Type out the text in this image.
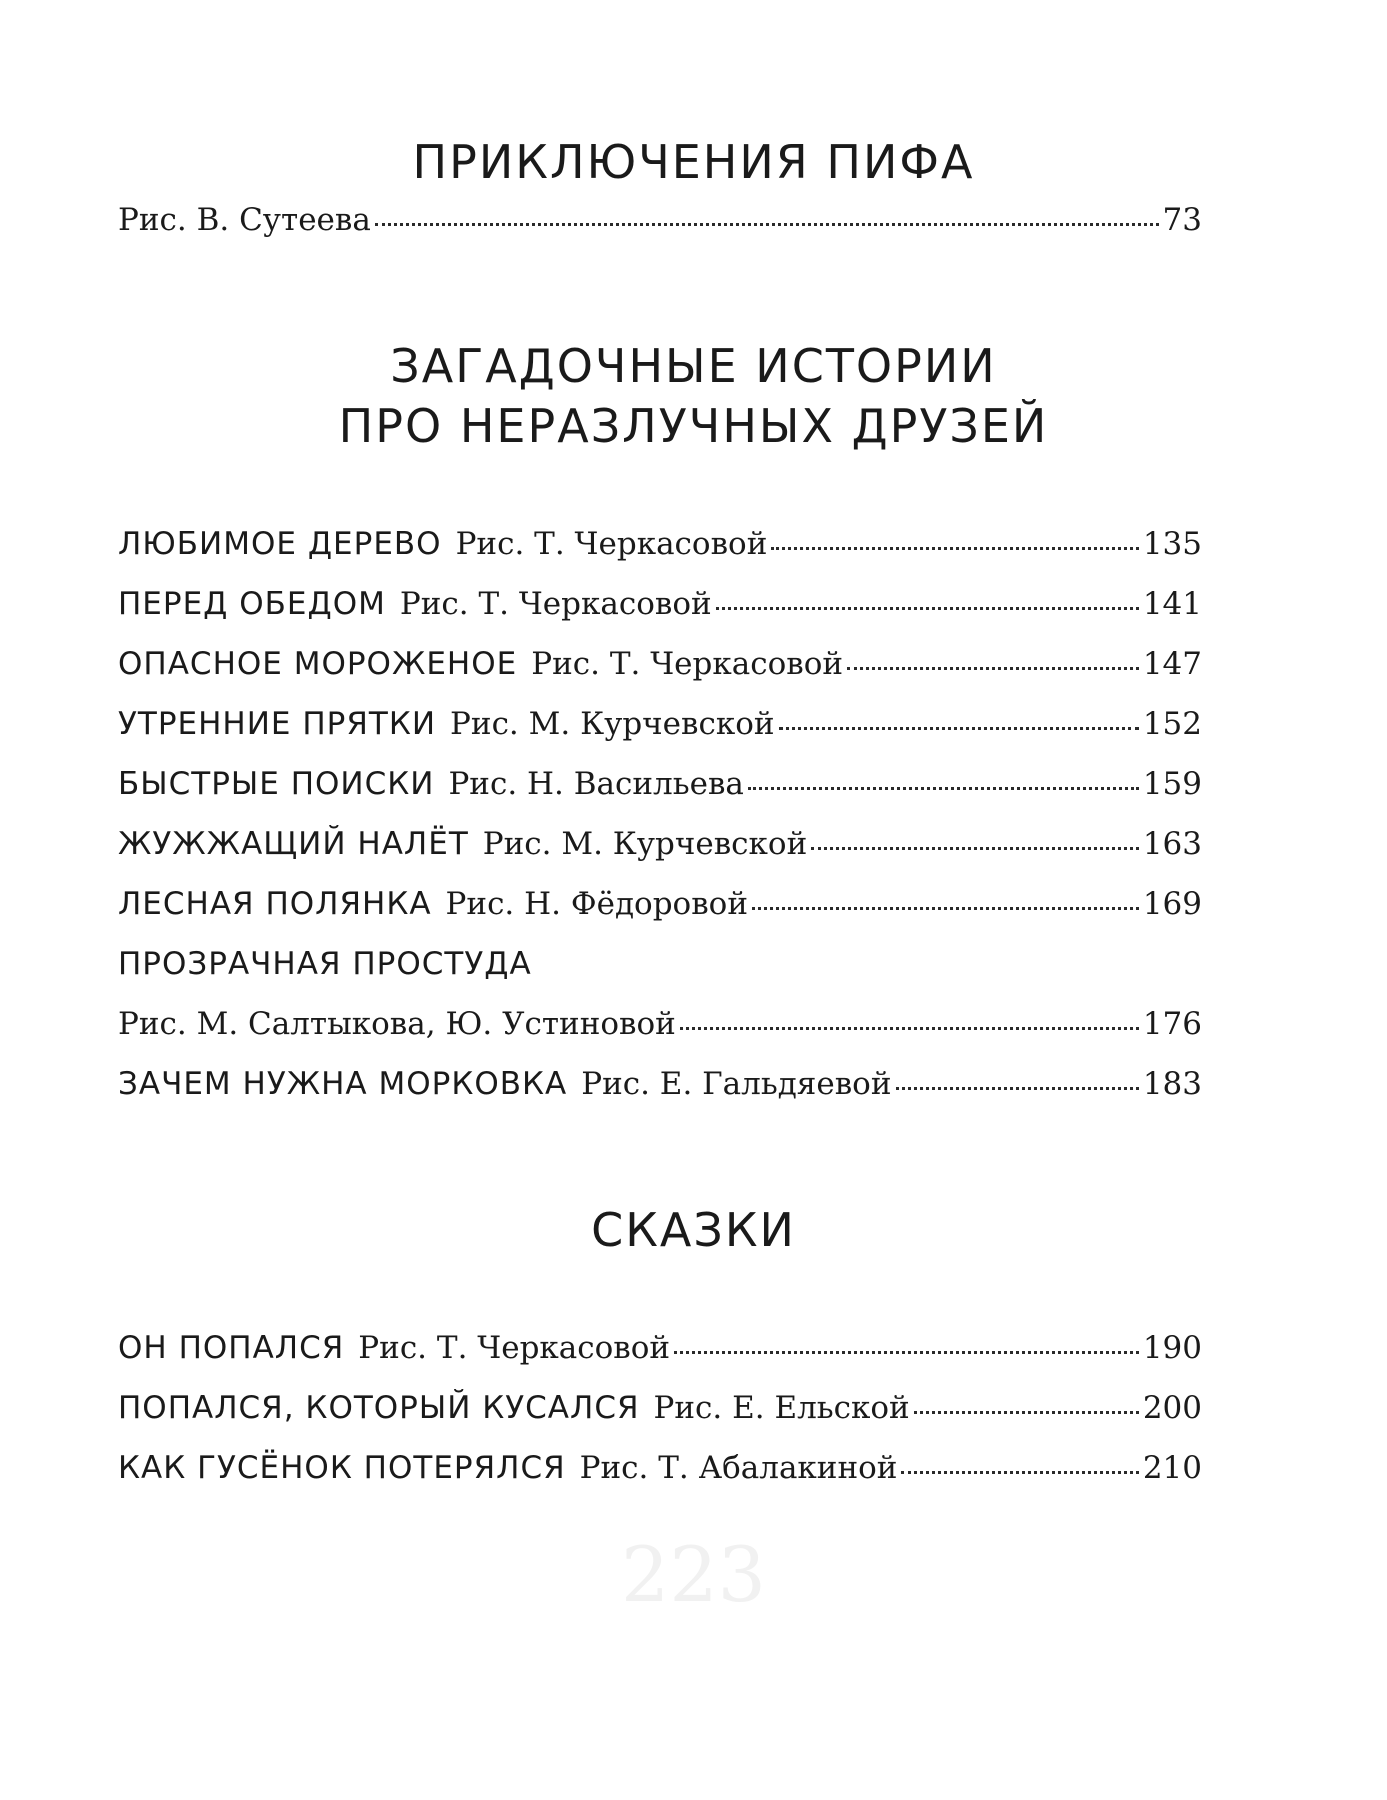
ПРИКЛЮЧЕНИЯ ПИФА
Рис. В. Сутеева	73
ЗАГАДОЧНЫЕ ИСТОРИИ
ПРО НЕРАЗЛУЧНЫХ ДРУЗЕЙ
ЛЮБИМОЕ ДЕРЕВО Рис. Т. Черкасовой	135
ПЕРЕД ОБЕДОМ Рис. Т. Черкасовой	141
ОПАСНОЕ МОРОЖЕНОЕ Рис. Т. Черкасовой	147
УТРЕННИЕ ПРЯТКИ Рис. М. Курчевской	152
БЫСТРЫЕ ПОИСКИ Рис. Н. Васильева	159
ЖУЖЖАЩИЙ НАЛЁТ Рис. М. Курчевской	163
ЛЕСНАЯ ПОЛЯНКА Рис. Н. Фёдоровой	169
ПРОЗРАЧНАЯ ПРОСТУДА
Рис. М. Салтыкова, Ю. Устиновой	176
ЗАЧЕМ НУЖНА МОРКОВКА Рис. Е. Гальдяевой	183
СКАЗКИ
ОН ПОПАЛСЯ Рис. Т. Черкасовой	190
ПОПАЛСЯ, КОТОРЫЙ КУСАЛСЯ Рис. Е. Ельской	200
КАК ГУСЁНОК ПОТЕРЯЛСЯ Рис. Т. Абалакиной	210
223
